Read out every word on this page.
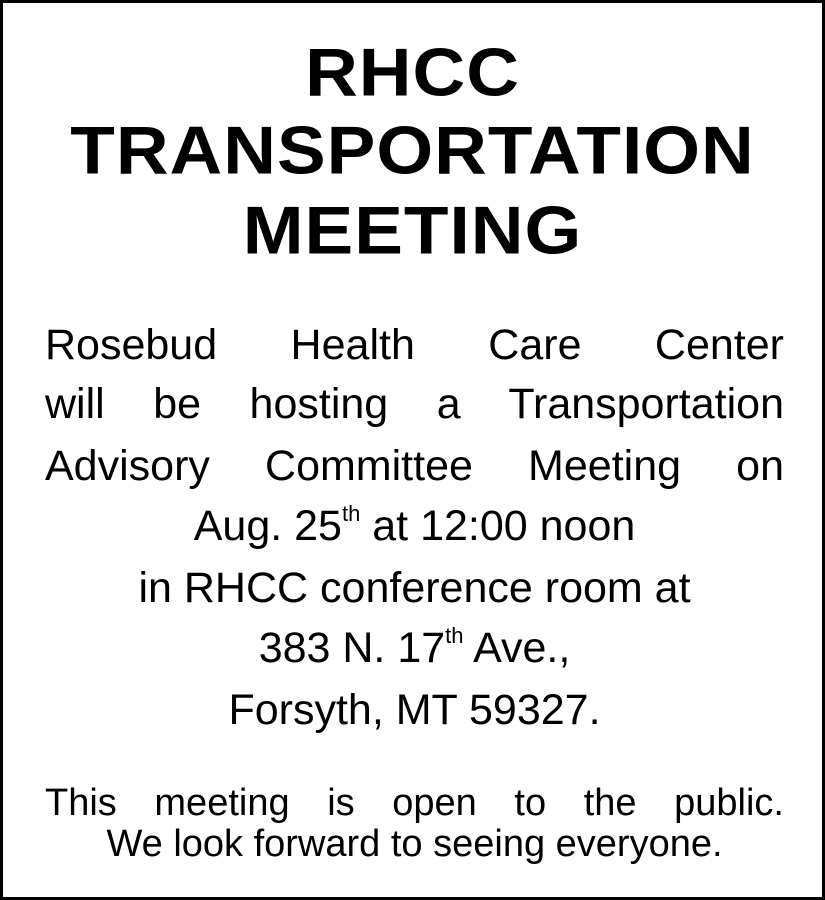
RHCC
TRANSPORTATION
MEETING

Rosebud Health Care Center

will be hosting a Transportation

Advisory Committee Meeting on

Aug. 25th at 12:00 noon

in RHCC conference room at

383 N. 17th Ave.,

Forsyth, MT 59327.

This meeting is open to the public.

We look forward to seeing everyone.
